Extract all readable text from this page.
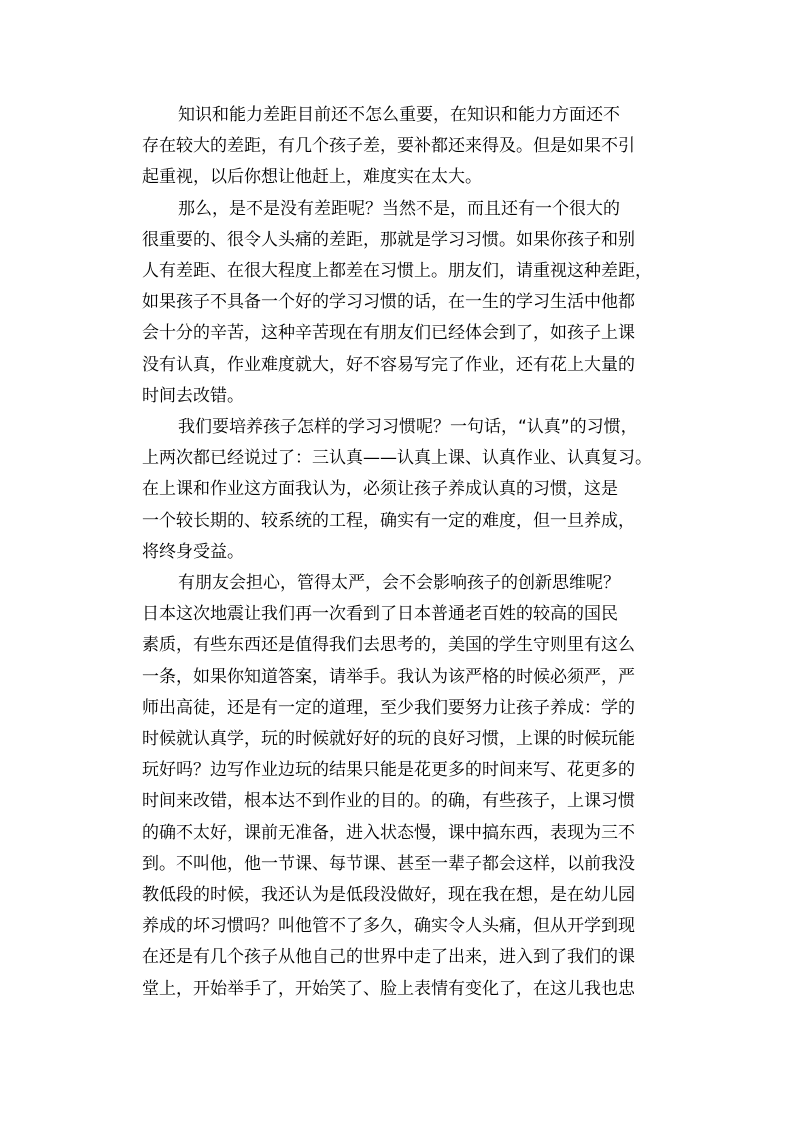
知识和能力差距目前还不怎么重要，在知识和能力方面还不
存在较大的差距，有几个孩子差，要补都还来得及。但是如果不引
起重视，以后你想让他赶上，难度实在太大。

那么，是不是没有差距呢？当然不是，而且还有一个很大的
很重要的、很令人头痛的差距，那就是学习习惯。如果你孩子和别
人有差距、在很大程度上都差在习惯上。朋友们，请重视这种差距，
如果孩子不具备一个好的学习习惯的话，在一生的学习生活中他都
会十分的辛苦，这种辛苦现在有朋友们已经体会到了，如孩子上课
没有认真，作业难度就大，好不容易写完了作业，还有花上大量的
时间去改错。

我们要培养孩子怎样的学习习惯呢？一句话，“认真”的习惯，
上两次都已经说过了：三认真——认真上课、认真作业、认真复习。
在上课和作业这方面我认为，必须让孩子养成认真的习惯，这是
一个较长期的、较系统的工程，确实有一定的难度，但一旦养成，
将终身受益。

有朋友会担心，管得太严，会不会影响孩子的创新思维呢？
日本这次地震让我们再一次看到了日本普通老百姓的较高的国民
素质，有些东西还是值得我们去思考的，美国的学生守则里有这么
一条，如果你知道答案，请举手。我认为该严格的时候必须严，严
师出高徒，还是有一定的道理，至少我们要努力让孩子养成：学的
时候就认真学，玩的时候就好好的玩的良好习惯，上课的时候玩能
玩好吗？边写作业边玩的结果只能是花更多的时间来写、花更多的
时间来改错，根本达不到作业的目的。的确，有些孩子，上课习惯
的确不太好，课前无准备，进入状态慢，课中搞东西，表现为三不
到。不叫他，他一节课、每节课、甚至一辈子都会这样，以前我没
教低段的时候，我还认为是低段没做好，现在我在想，是在幼儿园
养成的坏习惯吗？叫他管不了多久，确实令人头痛，但从开学到现
在还是有几个孩子从他自己的世界中走了出来，进入到了我们的课
堂上，开始举手了，开始笑了、脸上表情有变化了，在这儿我也忠
